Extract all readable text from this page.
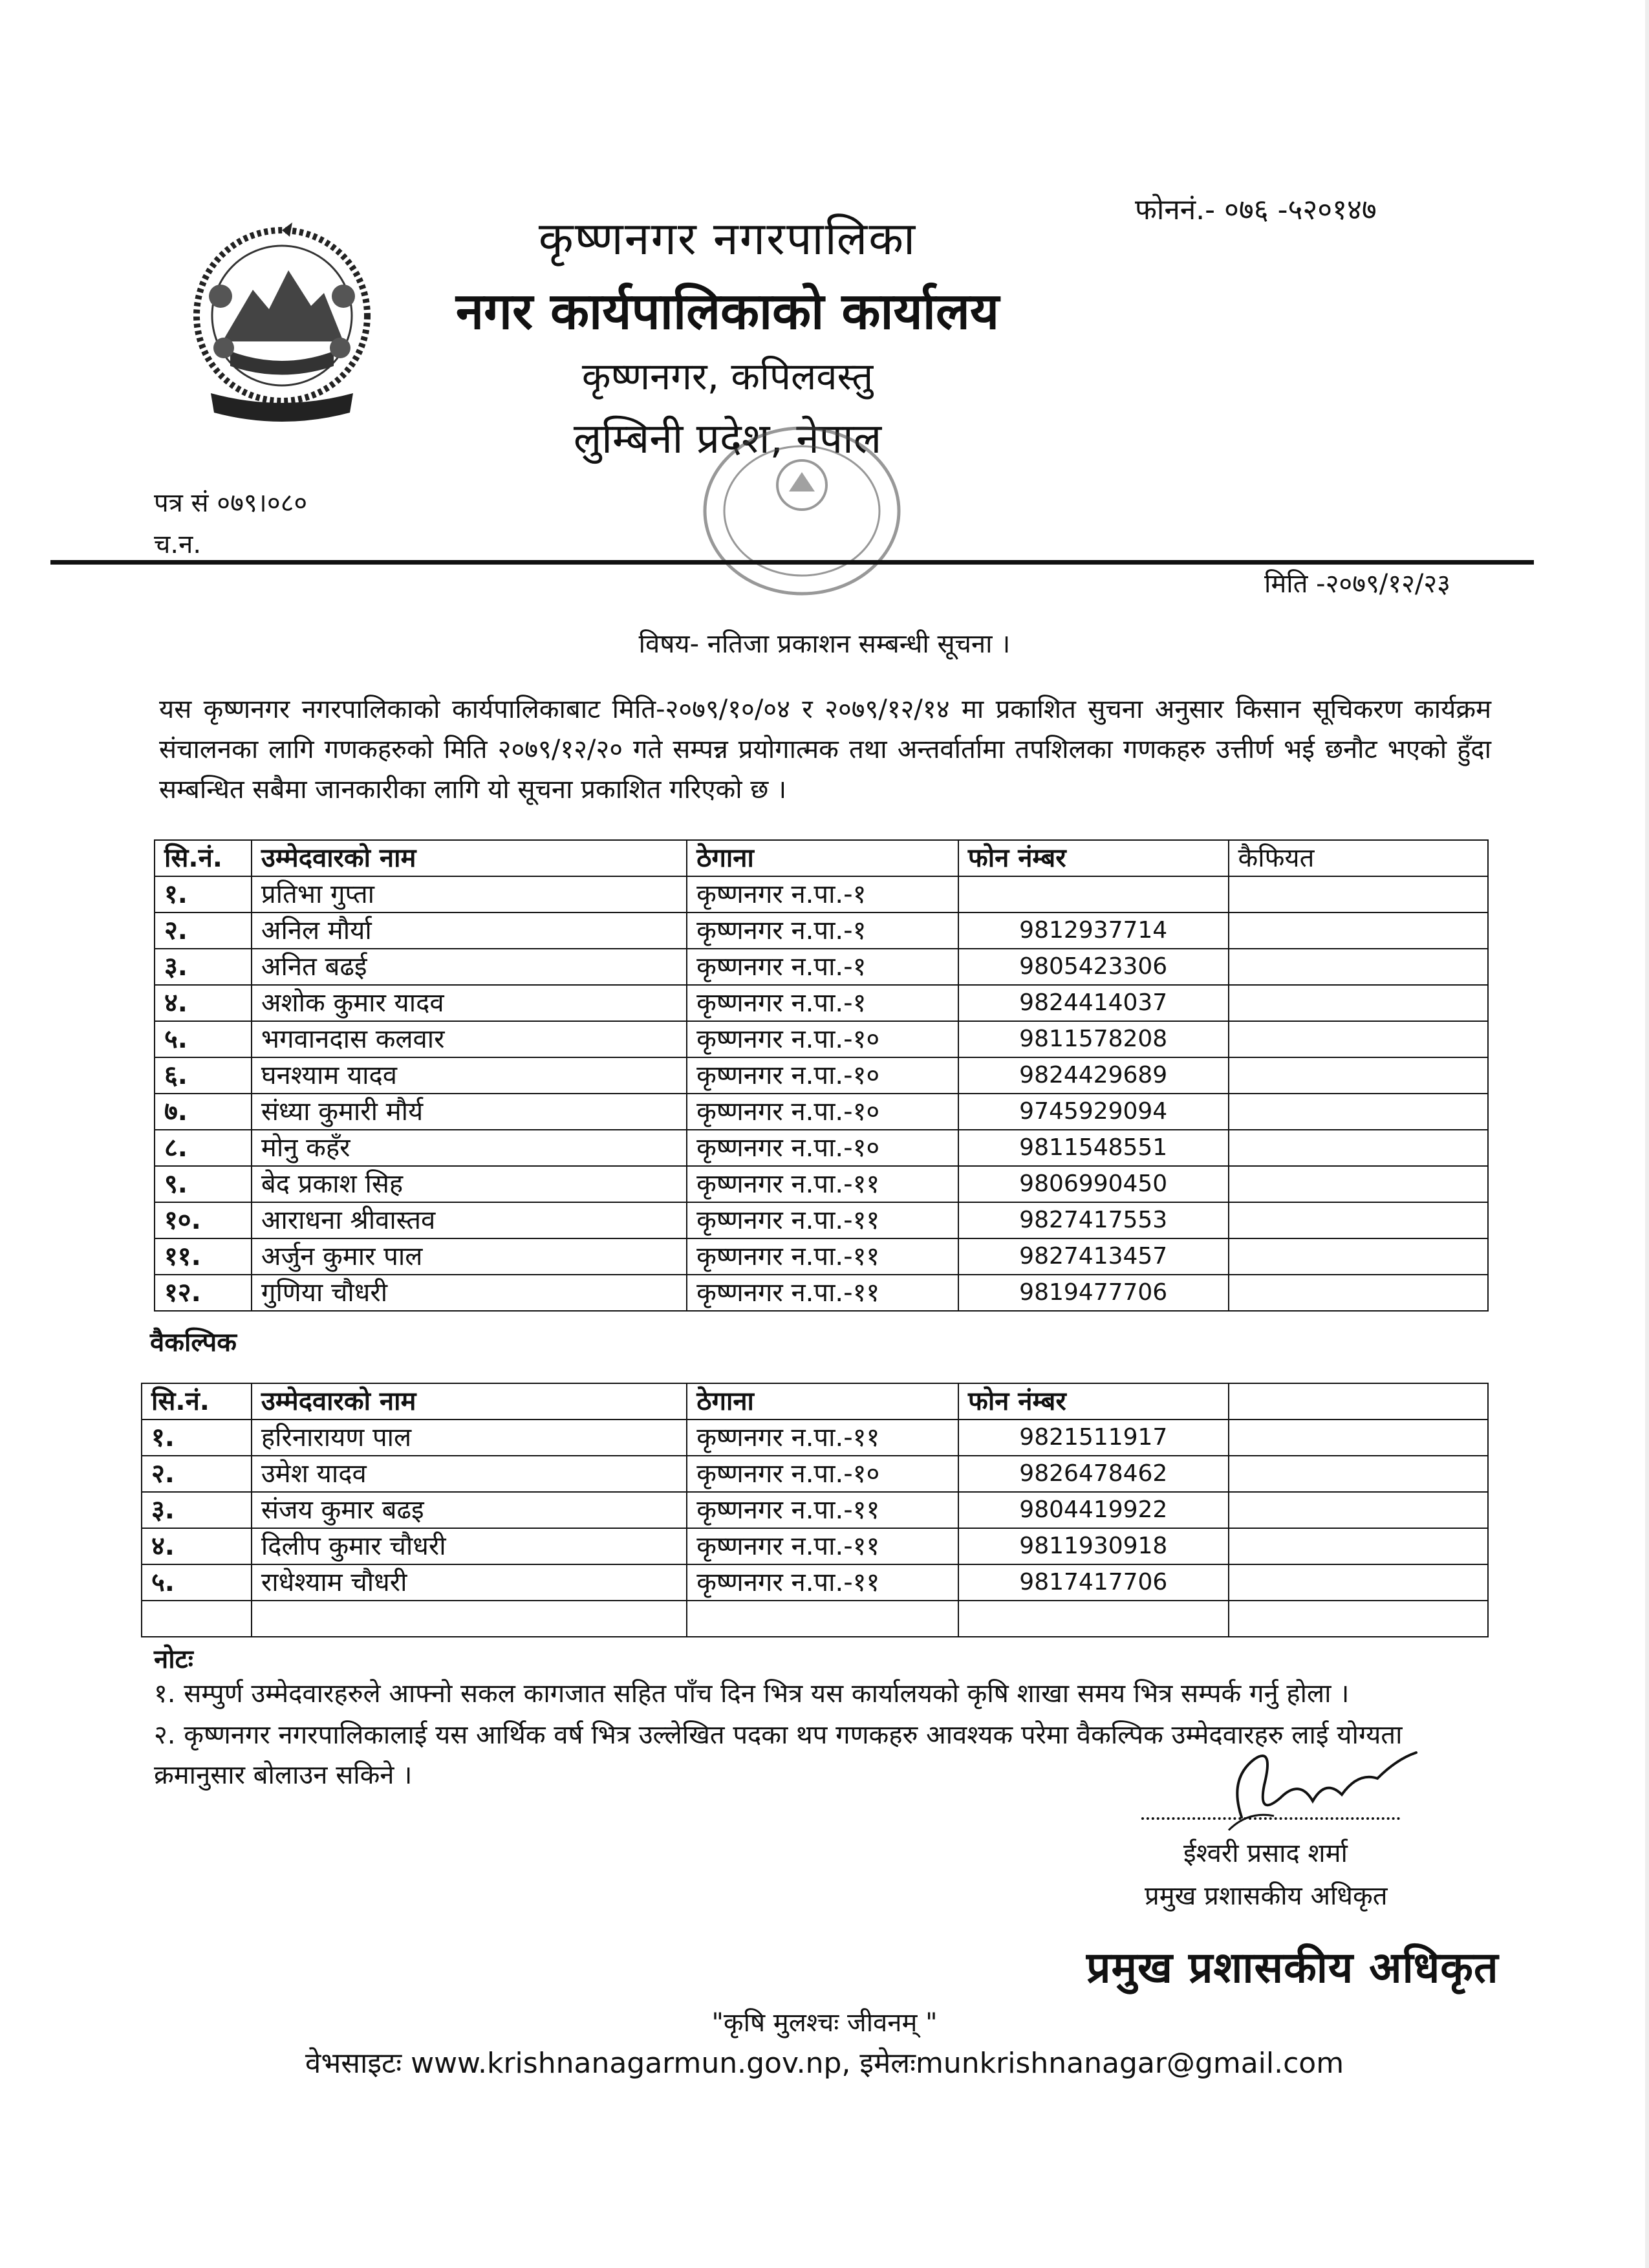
कृष्णनगर नगरपालिका
नगर कार्यपालिकाको कार्यालय
कृष्णनगर, कपिलवस्तु
लुम्बिनी प्रदेश, नेपाल
फोननं.- ०७६ -५२०१४७
पत्र सं ०७९।०८०
च.न.
मिति -२०७९/१२/२३
विषय- नतिजा प्रकाशन सम्बन्धी सूचना ।
यस कृष्णनगर नगरपालिकाको कार्यपालिकाबाट मिति-२०७९/१०/०४ र २०७९/१२/१४ मा प्रकाशित सुचना अनुसार किसान सूचिकरण कार्यक्रम संचालनका लागि गणकहरुको मिति २०७९/१२/२० गते सम्पन्न प्रयोगात्मक तथा अन्तर्वार्तामा तपशिलका गणकहरु उत्तीर्ण भई छनौट भएको हुँदा सम्बन्धित सबैमा जानकारीका लागि यो सूचना प्रकाशित गरिएको छ ।
सि.नं.	उम्मेदवारको नाम	ठेगाना	फोन नंम्बर	कैफियत
१.	प्रतिभा गुप्ता	कृष्णनगर न.पा.-१		
२.	अनिल मौर्या	कृष्णनगर न.पा.-१	9812937714	
३.	अनित बढई	कृष्णनगर न.पा.-१	9805423306	
४.	अशोक कुमार यादव	कृष्णनगर न.पा.-१	9824414037	
५.	भगवानदास कलवार	कृष्णनगर न.पा.-१०	9811578208	
६.	घनश्याम यादव	कृष्णनगर न.पा.-१०	9824429689	
७.	संध्या कुमारी मौर्य	कृष्णनगर न.पा.-१०	9745929094	
८.	मोनु कहँर	कृष्णनगर न.पा.-१०	9811548551	
९.	बेद प्रकाश सिह	कृष्णनगर न.पा.-११	9806990450	
१०.	आराधना श्रीवास्तव	कृष्णनगर न.पा.-११	9827417553	
११.	अर्जुन कुमार पाल	कृष्णनगर न.पा.-११	9827413457	
१२.	गुणिया चौधरी	कृष्णनगर न.पा.-११	9819477706	
वैकल्पिक
सि.नं.	उम्मेदवारको नाम	ठेगाना	फोन नंम्बर	
१.	हरिनारायण पाल	कृष्णनगर न.पा.-११	9821511917	
२.	उमेश यादव	कृष्णनगर न.पा.-१०	9826478462	
३.	संजय कुमार बढइ	कृष्णनगर न.पा.-११	9804419922	
४.	दिलीप कुमार चौधरी	कृष्णनगर न.पा.-११	9811930918	
५.	राधेश्याम चौधरी	कृष्णनगर न.पा.-११	9817417706	

नोटः
१. सम्पुर्ण उम्मेदवारहरुले आफ्नो सकल कागजात सहित पाँच दिन भित्र यस कार्यालयको कृषि शाखा समय भित्र सम्पर्क गर्नु होला ।
२. कृष्णनगर नगरपालिकालाई यस आर्थिक वर्ष भित्र उल्लेखित पदका थप गणकहरु आवश्यक परेमा वैकल्पिक उम्मेदवारहरु लाई योग्यता क्रमानुसार बोलाउन सकिने ।
ईश्वरी प्रसाद शर्मा
प्रमुख प्रशासकीय अधिकृत
प्रमुख प्रशासकीय अधिकृत
"कृषि मुलश्चः जीवनम् "
वेभसाइटः www.krishnanagarmun.gov.np, इमेलःmunkrishnanagar@gmail.com
